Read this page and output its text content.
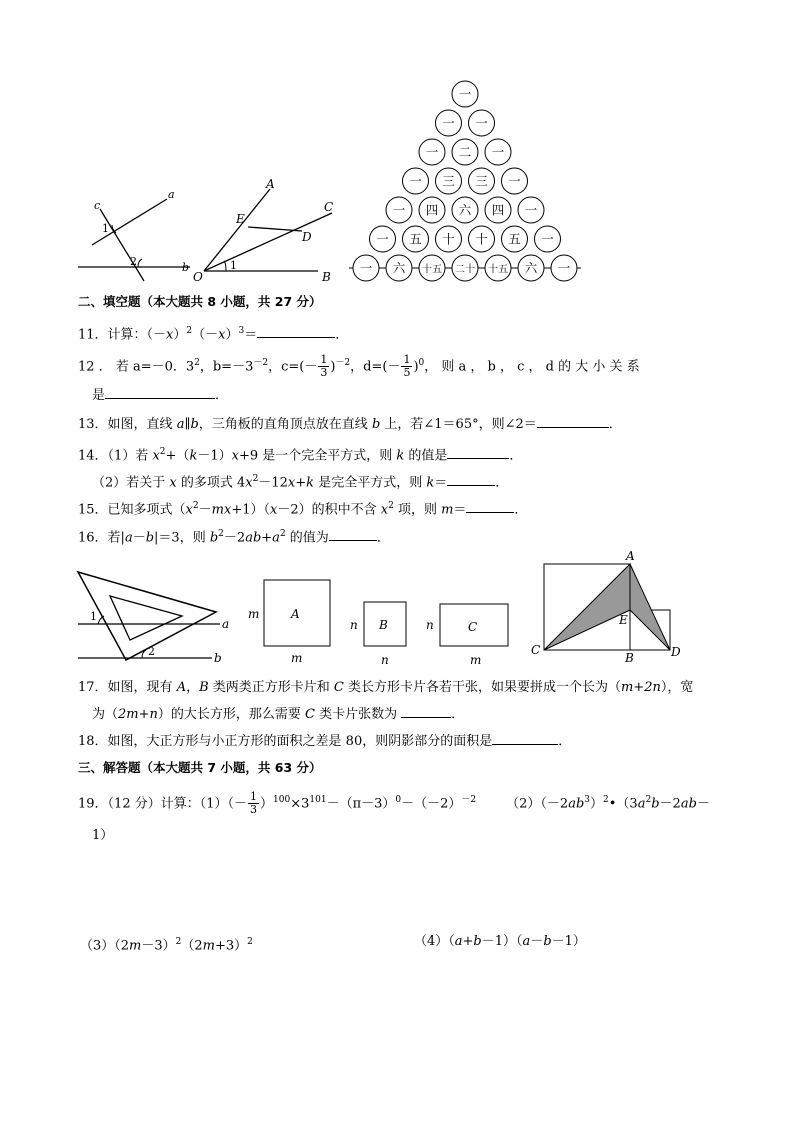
c
a
b
1
2
A
E
C
D
O	B
1
一
一 一
一 二 一
一 三 三 一
一 四 六 四 一
一 五 十 十 五 一
一 六 十五 二十 十五 六 一
二、填空题（本大题共 8 小题，共 27 分）
11．计算：$(-x)^2(-x)^3=$	．
12 ． 若 a=－0．$3^2$，$b=-3^{-2}$，$c=(- \frac{1}{3} )^{-2}$，$d=(- \frac{1}{5} )^0$， 则 a ， b ， c ， d 的 大 小 关 系
是	．
13．如图，直线 a∥b，三角板的直角顶点放在直线 b 上，若∠1＝65°，则∠2＝	．
14．（1）若 $x^2+(k-1)x+9$ 是一个完全平方式，则 k 的值是	．
（2）若关于 x 的多项式 $4x^2-12x+k$ 是完全平方式，则 k＝	．
15．已知多项式$(x^2-mx+1)(x-2)$的积中不含 $x^2$ 项，则 m＝	．
16．若|a－b|＝3，则 $b^2-2ab+a^2$ 的值为	．
1
a
2	b
m	A
m
n B
n
n	C
m
A
E
C
B	D
17．如图，现有 A，B 类两类正方形卡片和 C 类长方形卡片各若干张，如果要拼成一个长为（m+2n），宽
为（2m+n）的大长方形，那么需要 C 类卡片张数为	．
18．如图，大正方形与小正方形的面积之差是 80，则阴影部分的面积是	．
三、解答题（本大题共 7 小题，共 63 分）
19．（12 分）计算：$(1)(- \frac{1}{3} )^{100}\times 3^{101}-(\pi-3)^0-(-2)^{-2}$ $(2)(-2ab^3)^2•(3a^2b-2ab-$
1）
$(3)(2m-3)^2(2m+3)^2$	（4）（a+b－1）（a－b－1）
